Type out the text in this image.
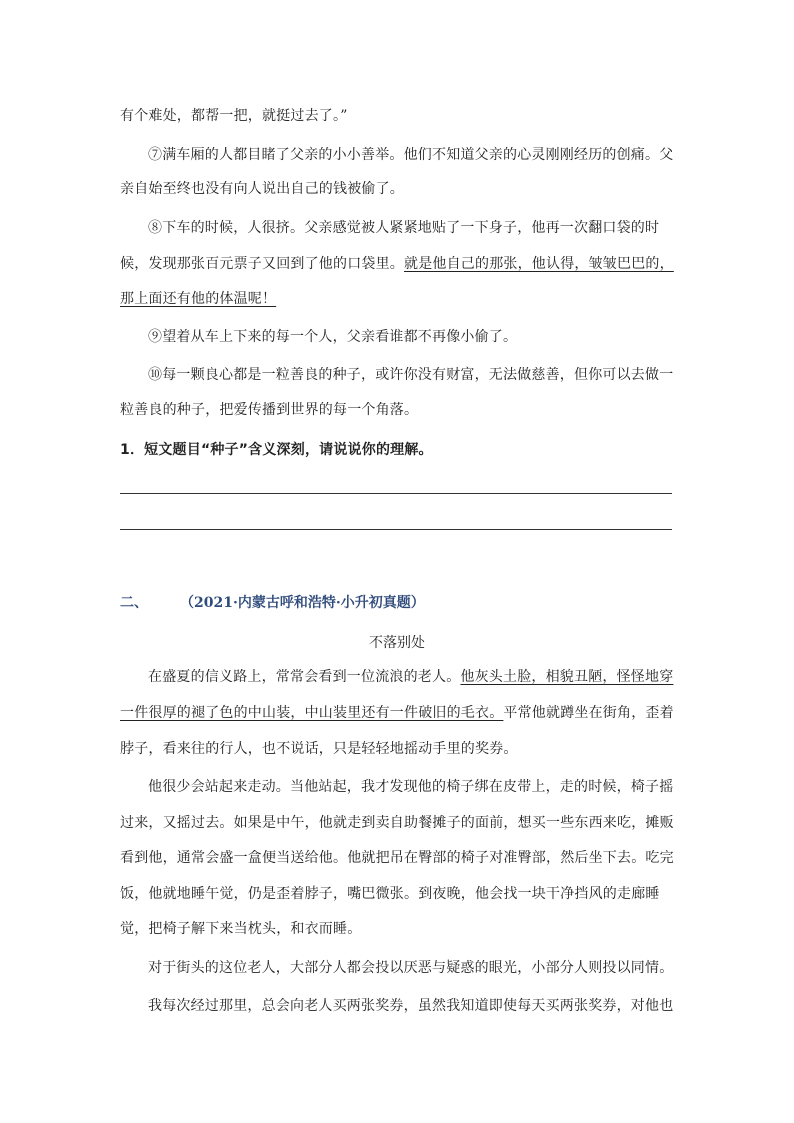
有个难处，都帮一把，就挺过去了。”
⑦满车厢的人都目睹了父亲的小小善举。他们不知道父亲的心灵刚刚经历的创痛。父
亲自始至终也没有向人说出自己的钱被偷了。
⑧下车的时候，人很挤。父亲感觉被人紧紧地贴了一下身子，他再一次翻口袋的时
候，发现那张百元票子又回到了他的口袋里。就是他自己的那张，他认得，皱皱巴巴的，
那上面还有他的体温呢！
⑨望着从车上下来的每一个人，父亲看谁都不再像小偷了。
⑩每一颗良心都是一粒善良的种子，或许你没有财富，无法做慈善，但你可以去做一
粒善良的种子，把爱传播到世界的每一个角落。
1．短文题目“种子”含义深刻，请说说你的理解。
二、 （2021·内蒙古呼和浩特·小升初真题）
不落别处
在盛夏的信义路上，常常会看到一位流浪的老人。他灰头土脸，相貌丑陋，怪怪地穿
一件很厚的褪了色的中山装，中山装里还有一件破旧的毛衣。平常他就蹲坐在街角，歪着
脖子，看来往的行人，也不说话，只是轻轻地摇动手里的奖券。
他很少会站起来走动。当他站起，我才发现他的椅子绑在皮带上，走的时候，椅子摇
过来，又摇过去。如果是中午，他就走到卖自助餐摊子的面前，想买一些东西来吃，摊贩
看到他，通常会盛一盒便当送给他。他就把吊在臀部的椅子对准臀部，然后坐下去。吃完
饭，他就地睡午觉，仍是歪着脖子，嘴巴微张。到夜晚，他会找一块干净挡风的走廊睡
觉，把椅子解下来当枕头，和衣而睡。
对于街头的这位老人，大部分人都会投以厌恶与疑惑的眼光，小部分人则投以同情。
我每次经过那里，总会向老人买两张奖券，虽然我知道即使每天买两张奖券，对他也
